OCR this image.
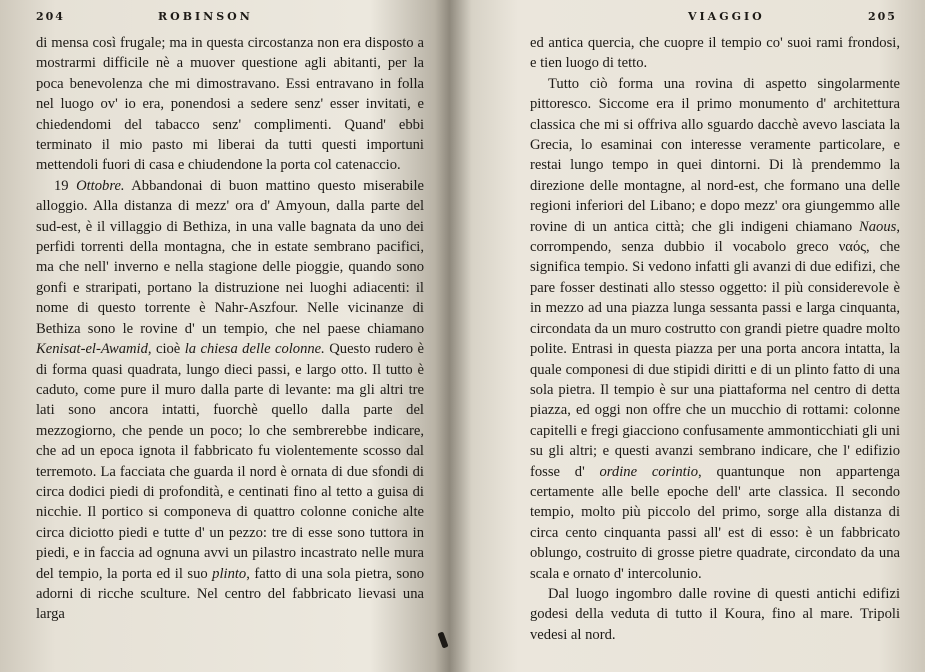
204	ROBINSON

di mensa così frugale; ma in questa circostanza non era disposto a mostrarmi difficile nè a muover questione agli abitanti, per la poca benevolenza che mi dimostravano. Essi entravano in folla nel luogo ov' io era, ponendosi a sedere senz' esser invitati, e chiedendomi del tabacco senz' complimenti. Quand' ebbi terminato il mio pasto mi liberai da tutti questi importuni mettendoli fuori di casa e chiudendone la porta col catenaccio.

19 Ottobre. Abbandonai di buon mattino questo miserabile alloggio. Alla distanza di mezz' ora d' Amyoun, dalla parte del sud-est, è il villaggio di Bethiza, in una valle bagnata da uno dei perfidi torrenti della montagna, che in estate sembrano pacifici, ma che nell' inverno e nella stagione delle pioggie, quando sono gonfi e straripati, portano la distruzione nei luoghi adiacenti: il nome di questo torrente è Nahr-Aszfour. Nelle vicinanze di Bethiza sono le rovine d' un tempio, che nel paese chiamano Kenisat-el-Awamid, cioè la chiesa delle colonne. Questo rudero è di forma quasi quadrata, lungo dieci passi, e largo otto. Il tutto è caduto, come pure il muro dalla parte di levante: ma gli altri tre lati sono ancora intatti, fuorchè quello dalla parte del mezzogiorno, che pende un poco; lo che sembrerebbe indicare, che ad un epoca ignota il fabbricato fu violentemente scosso dal terremoto. La facciata che guarda il nord è ornata di due sfondi di circa dodici piedi di profondità, e centinati fino al tetto a guisa di nicchie. Il portico si componeva di quattro colonne coniche alte circa diciotto piedi e tutte d' un pezzo: tre di esse sono tuttora in piedi, e in faccia ad ognuna avvi un pilastro incastrato nelle mura del tempio, la porta ed il suo plinto, fatto di una sola pietra, sono adorni di ricche sculture. Nel centro del fabbricato lievasi una larga

VIAGGIO	205

ed antica quercia, che cuopre il tempio co' suoi rami frondosi, e tien luogo di tetto.

Tutto ciò forma una rovina di aspetto singolarmente pittoresco. Siccome era il primo monumento d' architettura classica che mi si offriva allo sguardo dacchè avevo lasciata la Grecia, lo esaminai con interesse veramente particolare, e restai lungo tempo in quei dintorni. Di là prendemmo la direzione delle montagne, al nord-est, che formano una delle regioni inferiori del Libano; e dopo mezz' ora giungemmo alle rovine di un antica città; che gli indigeni chiamano Naous, corrompendo, senza dubbio il vocabolo greco ναός, che significa tempio. Si vedono infatti gli avanzi di due edifizi, che pare fosser destinati allo stesso oggetto: il più considerevole è in mezzo ad una piazza lunga sessanta passi e larga cinquanta, circondata da un muro costrutto con grandi pietre quadre molto polite. Entrasi in questa piazza per una porta ancora intatta, la quale componesi di due stipidi diritti e di un plinto fatto di una sola pietra. Il tempio è sur una piattaforma nel centro di detta piazza, ed oggi non offre che un mucchio di rottami: colonne capitelli e fregi giacciono confusamente ammonticchiati gli uni su gli altri; e questi avanzi sembrano indicare, che l' edifizio fosse d' ordine corintio, quantunque non appartenga certamente alle belle epoche dell' arte classica. Il secondo tempio, molto più piccolo del primo, sorge alla distanza di circa cento cinquanta passi all' est di esso: è un fabbricato oblungo, costruito di grosse pietre quadrate, circondato da una scala e ornato d' intercolunio.

Dal luogo ingombro dalle rovine di questi antichi edifizi godesi della veduta di tutto il Koura, fino al mare. Tripoli vedesi al nord.
